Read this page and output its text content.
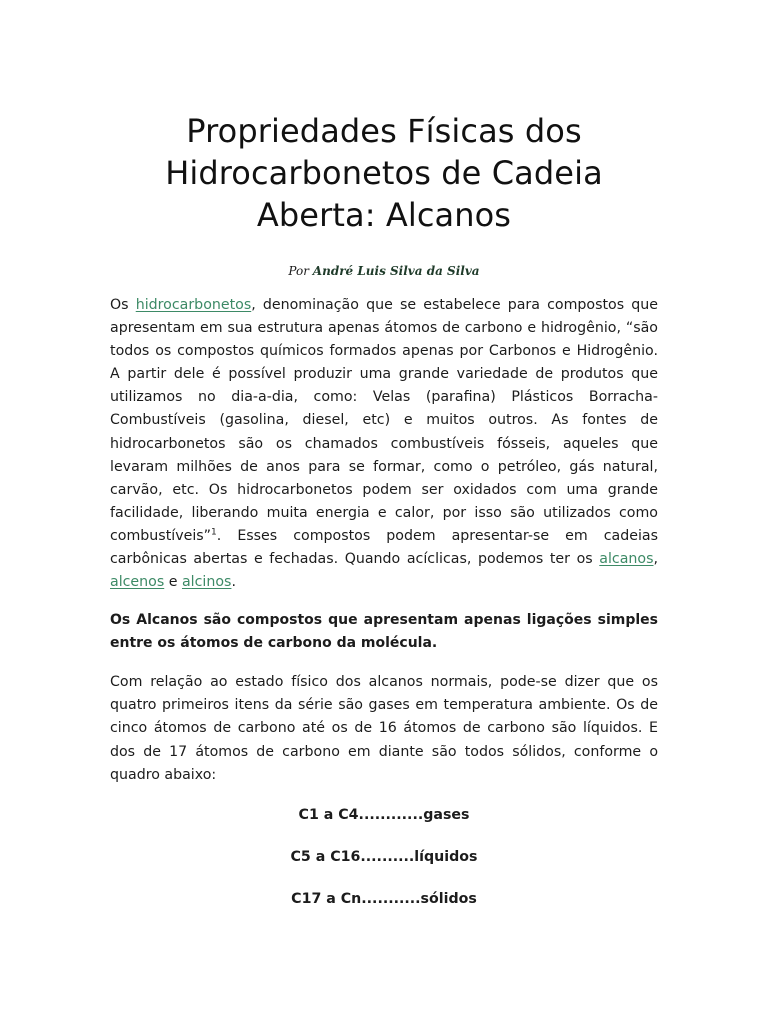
Propriedades Físicas dos
Hidrocarbonetos de Cadeia
Aberta: Alcanos
Por André Luis Silva da Silva

Os hidrocarbonetos, denominação que se estabelece para compostos que apresentam em sua estrutura apenas átomos de carbono e hidrogênio, “são todos os compostos químicos formados apenas por Carbonos e Hidrogênio. A partir dele é possível produzir uma grande variedade de produtos que utilizamos no dia-a-dia, como: Velas (parafina) Plásticos Borracha- Combustíveis (gasolina, diesel, etc) e muitos outros. As fontes de hidrocarbonetos são os chamados combustíveis fósseis, aqueles que levaram milhões de anos para se formar, como o petróleo, gás natural, carvão, etc. Os hidrocarbonetos podem ser oxidados com uma grande facilidade, liberando muita energia e calor, por isso são utilizados como combustíveis”$^1$. Esses compostos podem apresentar-se em cadeias carbônicas abertas e fechadas. Quando acíclicas, podemos ter os alcanos, alcenos e alcinos.

Os Alcanos são compostos que apresentam apenas ligações simples entre os átomos de carbono da molécula.

Com relação ao estado físico dos alcanos normais, pode-se dizer que os quatro primeiros itens da série são gases em temperatura ambiente. Os de cinco átomos de carbono até os de 16 átomos de carbono são líquidos. E dos de 17 átomos de carbono em diante são todos sólidos, conforme o quadro abaixo:

C1 a C4............gases
C5 a C16..........líquidos
C17 a Cn...........sólidos
